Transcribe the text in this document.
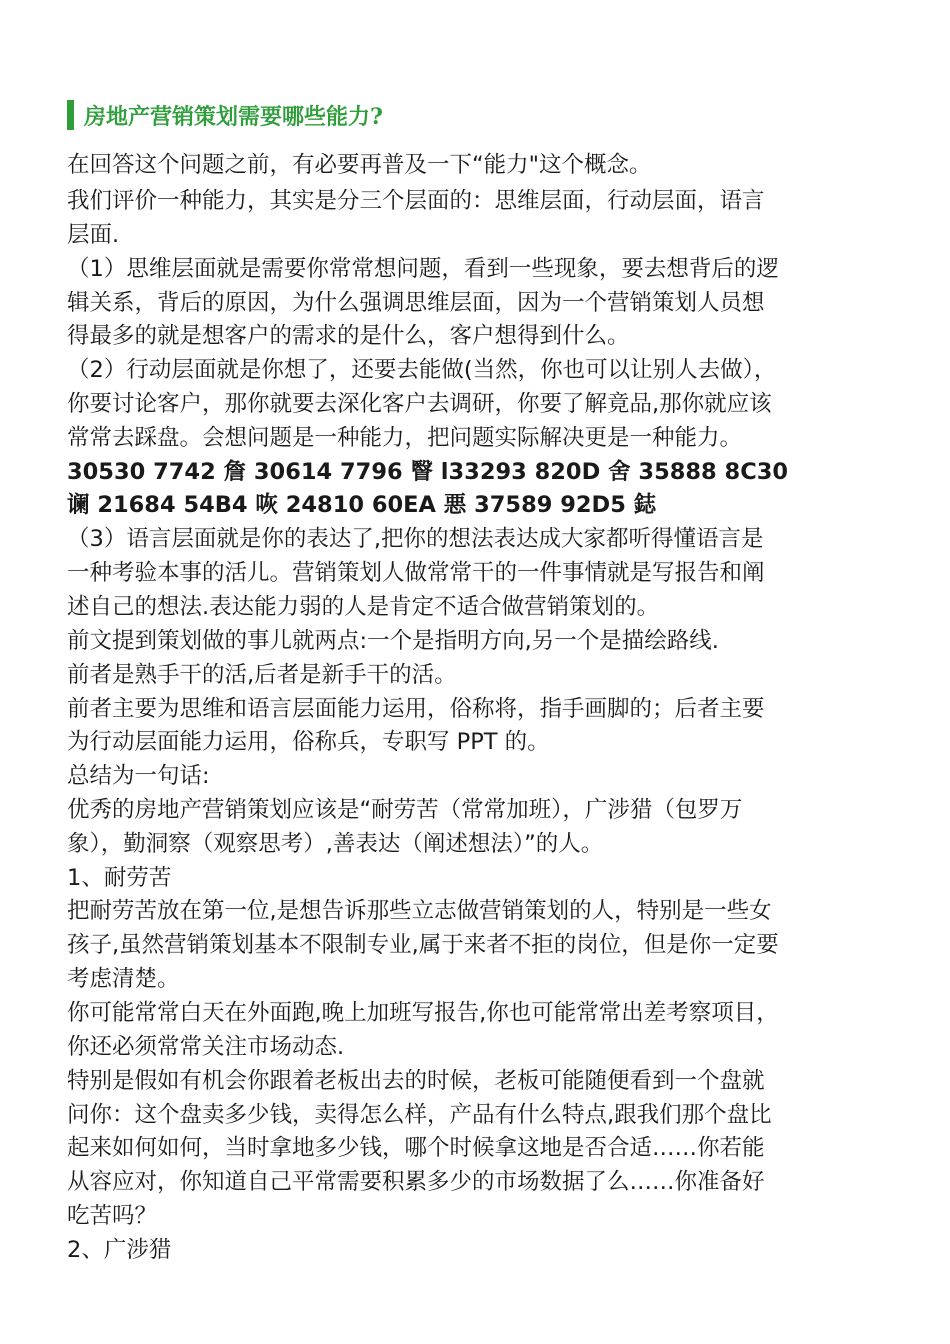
房地产营销策划需要哪些能力?
在回答这个问题之前，有必要再普及一下“能力"这个概念。
我们评价一种能力，其实是分三个层面的：思维层面，行动层面，语言
层面.
（1）思维层面就是需要你常常想问题，看到一些现象，要去想背后的逻
辑关系，背后的原因，为什么强调思维层面，因为一个营销策划人员想
得最多的就是想客户的需求的是什么，客户想得到什么。
（2）行动层面就是你想了，还要去能做(当然，你也可以让别人去做），
你要讨论客户，那你就要去深化客户去调研，你要了解竟品,那你就应该
常常去踩盘。会想问题是一种能力，把问题实际解决更是一种能力。
30530 7742 詹 30614 7796 瞖 l33293 820D 舍 35888 8C30
谰 21684 54B4 咴 24810 60EA 悪 37589 92D5 鋕
（3）语言层面就是你的表达了,把你的想法表达成大家都听得懂语言是
一种考验本事的活儿。营销策划人做常常干的一件事情就是写报告和阐
述自己的想法.表达能力弱的人是肯定不适合做营销策划的。
前文提到策划做的事儿就两点:一个是指明方向,另一个是描绘路线.
前者是熟手干的活,后者是新手干的活。
前者主要为思维和语言层面能力运用，俗称将，指手画脚的；后者主要
为行动层面能力运用，俗称兵，专职写 PPT 的。
总结为一句话:
优秀的房地产营销策划应该是“耐劳苦（常常加班），广涉猎（包罗万
象），勤洞察（观察思考）,善表达（阐述想法）”的人。
1、耐劳苦
把耐劳苦放在第一位,是想告诉那些立志做营销策划的人，特别是一些女
孩子,虽然营销策划基本不限制专业,属于来者不拒的岗位，但是你一定要
考虑清楚。
你可能常常白天在外面跑,晚上加班写报告,你也可能常常出差考察项目，
你还必须常常关注市场动态.
特别是假如有机会你跟着老板出去的时候，老板可能随便看到一个盘就
问你：这个盘卖多少钱，卖得怎么样，产品有什么特点,跟我们那个盘比
起来如何如何，当时拿地多少钱，哪个时候拿这地是否合适……你若能
从容应对，你知道自己平常需要积累多少的市场数据了么……你准备好
吃苦吗？
2、广涉猎
